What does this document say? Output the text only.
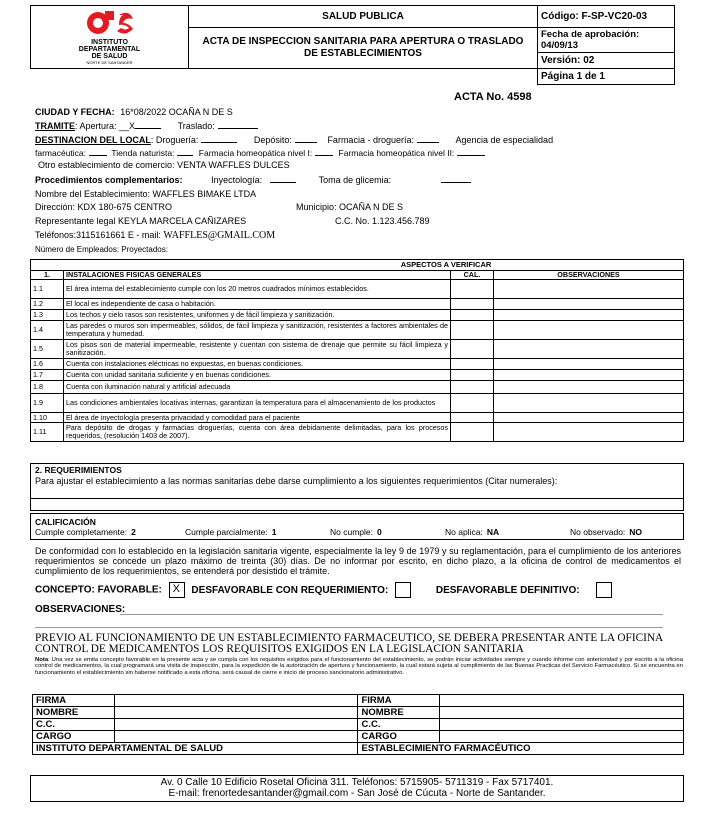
INSTITUTO
DEPARTAMENTAL
DE SALUD
NORTE DE SANTANDER	SALUD PUBLICA	Código: F-SP-VC20-03
	ACTA DE INSPECCION SANITARIA PARA APERTURA O TRASLADO DE ESTABLECIMIENTOS	Fecha de aprobación: 04/09/13
		Versión: 02
		Página 1 de 1
ACTA No. 4598
CIUDAD Y FECHA: 16*08/2022 OCAÑA N DE S
TRAMITE: Apertura: __X	Traslado:
DESTINACION DEL LOCAL: Droguería:	Depósito:	Farmacia - droguería:	Agencia de especialidad
farmacéutica:	Tienda naturista:	Farmacia homeopática nivel I:	Farmacia homeopática nivel II:
Otro establecimiento de comercio: VENTA WAFFLES DULCES
Procedimientos complementarios:	Inyectología:	Toma de glicemia:
Nombre del Establecimiento: WAFFLES BIMAKE LTDA
Dirección: KDX 180-675 CENTRO	Municipio: OCAÑA N DE S
Representante legal KEYLA MARCELA CAÑIZARES	C.C. No. 1.123.456.789
Teléfonos:3115161661 E - mail: WAFFLES@GMAIL.COM
Número de Empleados: Proyectados:
ASPECTOS A VERIFICAR			
1.	INSTALACIONES FISICAS GENERALES	CAL.	OBSERVACIONES
1.1	El área interna del establecimiento cumple con los 20 metros cuadrados mínimos establecidos.		
1.2	El local es independiente de casa o habitación.		
1.3	Los techos y cielo rasos son resistentes, uniformes y de fácil limpieza y sanitización.		
1.4	Las paredes o muros son impermeables, sólidos, de fácil limpieza y sanitización, resistentes a factores ambientales de temperatura y humedad.		
1.5	Los pisos son de material impermeable, resistente y cuentan con sistema de drenaje que permite su fácil limpieza y sanitización.		
1.6	Cuenta con instalaciones eléctricas no expuestas, en buenas condiciones.		
1.7	Cuenta con unidad sanitaria suficiente y en buenas condiciones.		
1.8	Cuenta con iluminación natural y artificial adecuada		
1.9	Las condiciones ambientales locativas internas, garantizan la temperatura para el almacenamiento de los productos		
1.10	El área de inyectología presenta privacidad y comodidad para el paciente		
1.11	Para depósito de drogas y farmacias droguerías, cuenta con área debidamente delimitadas, para los procesos requeridos, (resolución 1403 de 2007).		
2. REQUERIMIENTOS
Para ajustar el establecimiento a las normas sanitarias debe darse cumplimiento a los siguientes requerimientos (Citar numerales):

CALIFICACIÓN
Cumple completamente: 2	Cumple parcialmente: 1	No cumple: 0	No aplica: NA	No observado: NO
De conformidad con lo establecido en la legislación sanitaria vigente, especialmente la ley 9 de 1979 y su reglamentación, para el cumplimiento de los anteriores requerimientos se concede un plazo máximo de treinta (30) días. De no informar por escrito, en dicho plazo, a la oficina de control de medicamentos el cumplimiento de los requerimientos, se entenderá por desistido el trámite.
CONCEPTO: FAVORABLE: X DESFAVORABLE CON REQUERIMIENTO:	DESFAVORABLE DEFINITIVO:
OBSERVACIONES:
PREVIO AL FUNCIONAMIENTO DE UN ESTABLECIMIENTO FARMACEUTICO, SE DEBERA PRESENTAR ANTE LA OFICINA CONTROL DE MEDICAMENTOS LOS REQUISITOS EXIGIDOS EN LA LEGISLACION SANITARIA
Nota: Una vez se emita concepto favorable en la presente acta y se cumpla con los requisitos exigidos para el funcionamiento del establecimiento, se podrán iniciar actividades siempre y cuando informe con anterioridad y por escrito a la oficina control de medicamentos, la cual programará una visita de inspección, para la expedición de la autorización de apertura y funcionamiento, la cual estará sujeta al cumplimiento de las Buenas Practicas del Servicio Farmacéutico. Si se encuentra en funcionamiento el establecimiento sin haberse notificado a esta oficina, será causal de cierre e inicio de proceso sancionatorio administrativo.
FIRMA		FIRMA	
NOMBRE		NOMBRE	
C.C.		C.C.	
CARGO		CARGO	
INSTITUTO DEPARTAMENTAL DE SALUD		ESTABLECIMIENTO FARMACÉUTICO	
Av. 0 Calle 10 Edificio Rosetal Oficina 311. Teléfonos: 5715905- 5711319 - Fax 5717401.
E-mail: frenortedesantander@gmail.com - San José de Cúcuta - Norte de Santander.
